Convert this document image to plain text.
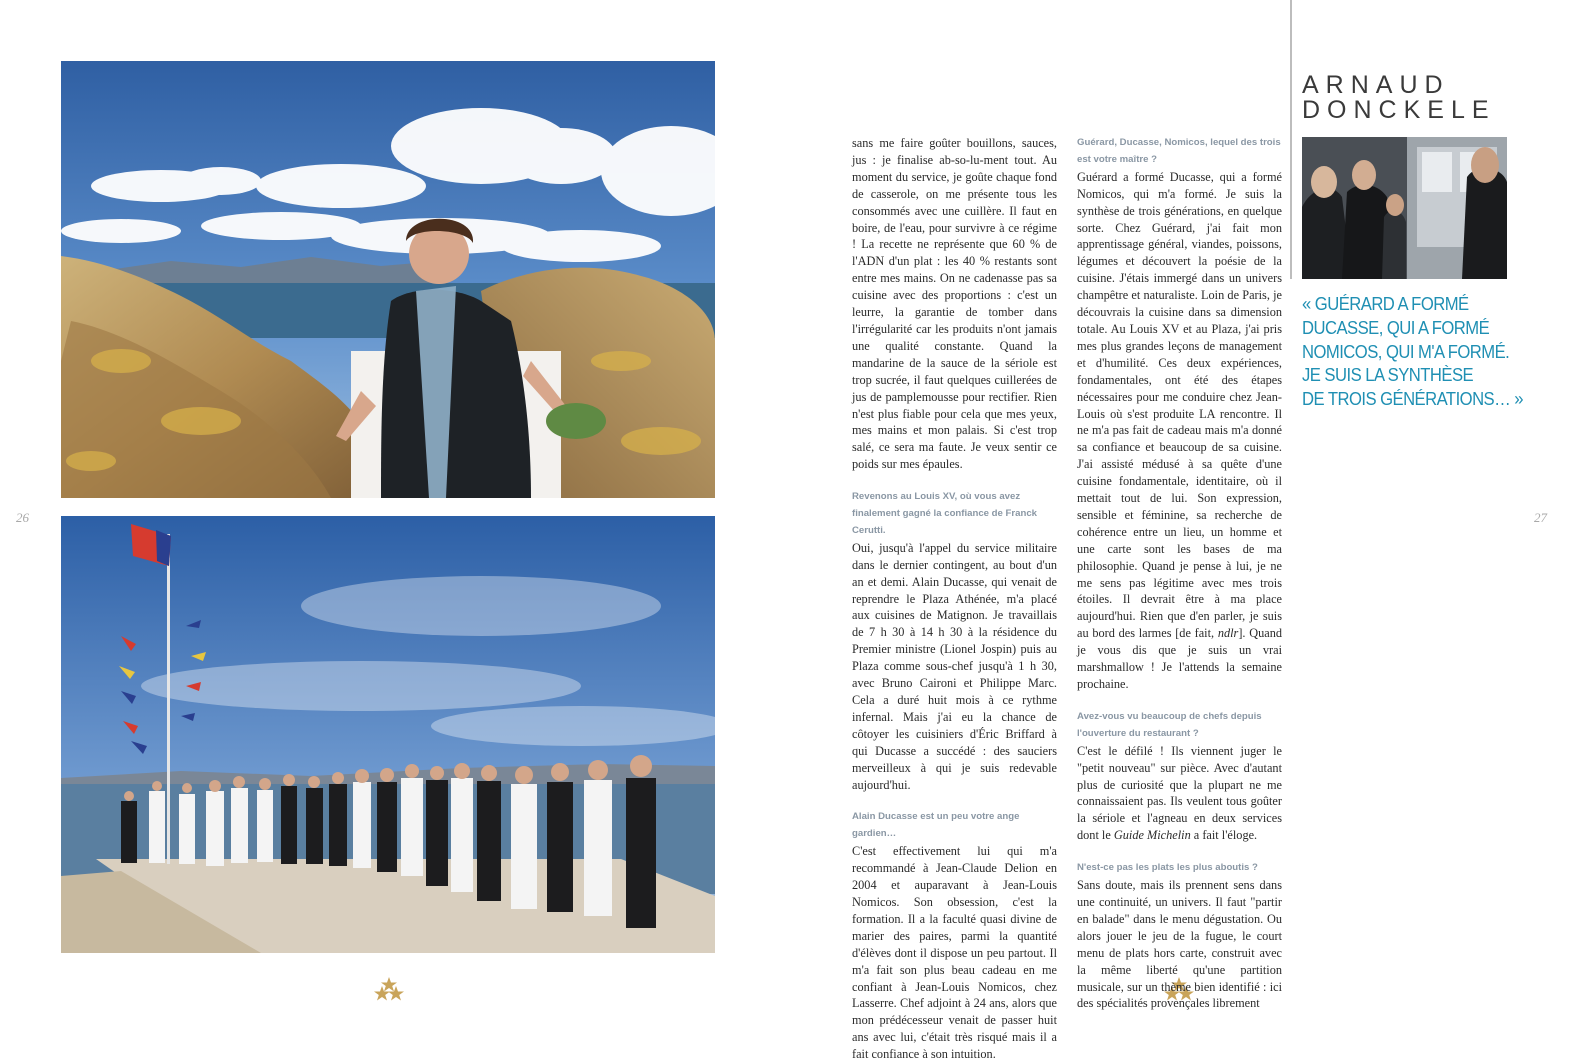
26	27

sans me faire goûter bouillons, sauces, jus : je finalise ab-so-lu-ment tout. Au moment du service, je goûte chaque fond de casserole, on me présente tous les consommés avec une cuillère. Il faut en boire, de l'eau, pour survivre à ce régime ! La recette ne représente que 60 % de l'ADN d'un plat : les 40 % restants sont entre mes mains. On ne cadenasse pas sa cuisine avec des proportions : c'est un leurre, la garantie de tomber dans l'irrégularité car les produits n'ont jamais une qualité constante. Quand la mandarine de la sauce de la sériole est trop sucrée, il faut quelques cuillerées de jus de pamplemousse pour rectifier. Rien n'est plus fiable pour cela que mes yeux, mes mains et mon palais. Si c'est trop salé, ce sera ma faute. Je veux sentir ce poids sur mes épaules.

Revenons au Louis XV, où vous avez finalement gagné la confiance de Franck Cerutti.

Oui, jusqu'à l'appel du service militaire dans le dernier contingent, au bout d'un an et demi. Alain Ducasse, qui venait de reprendre le Plaza Athénée, m'a placé aux cuisines de Matignon. Je travaillais de 7 h 30 à 14 h 30 à la résidence du Premier ministre (Lionel Jospin) puis au Plaza comme sous-chef jusqu'à 1 h 30, avec Bruno Caironi et Philippe Marc. Cela a duré huit mois à ce rythme infernal. Mais j'ai eu la chance de côtoyer les cuisiniers d'Éric Briffard à qui Ducasse a succédé : des sauciers merveilleux à qui je suis redevable aujourd'hui.

Alain Ducasse est un peu votre ange gardien…

C'est effectivement lui qui m'a recommandé à Jean-Claude Delion en 2004 et auparavant à Jean-Louis Nomicos. Son obsession, c'est la formation. Il a la faculté quasi divine de marier des paires, parmi la quantité d'élèves dont il dispose un peu partout. Il m'a fait son plus beau cadeau en me confiant à Jean-Louis Nomicos, chez Lasserre. Chef adjoint à 24 ans, alors que mon prédécesseur venait de passer huit ans avec lui, c'était très risqué mais il a fait confiance à son intuition.

Guérard, Ducasse, Nomicos, lequel des trois est votre maître ?

Guérard a formé Ducasse, qui a formé Nomicos, qui m'a formé. Je suis la synthèse de trois générations, en quelque sorte. Chez Guérard, j'ai fait mon apprentissage général, viandes, poissons, légumes et découvert la poésie de la cuisine. J'étais immergé dans un univers champêtre et naturaliste. Loin de Paris, je découvrais la cuisine dans sa dimension totale. Au Louis XV et au Plaza, j'ai pris mes plus grandes leçons de management et d'humilité. Ces deux expériences, fondamentales, ont été des étapes nécessaires pour me conduire chez Jean-Louis où s'est produite LA rencontre. Il ne m'a pas fait de cadeau mais m'a donné sa confiance et beaucoup de sa cuisine. J'ai assisté médusé à sa quête d'une cuisine fondamentale, identitaire, où il mettait tout de lui. Son expression, sensible et féminine, sa recherche de cohérence entre un lieu, un homme et une carte sont les bases de ma philosophie. Quand je pense à lui, je ne me sens pas légitime avec mes trois étoiles. Il devrait être à ma place aujourd'hui. Rien que d'en parler, je suis au bord des larmes [de fait, ndlr]. Quand je vous dis que je suis un vrai marshmallow ! Je l'attends la semaine prochaine.

Avez-vous vu beaucoup de chefs depuis l'ouverture du restaurant ?

C'est le défilé ! Ils viennent juger le "petit nouveau" sur pièce. Avec d'autant plus de curiosité que la plupart ne me connaissaient pas. Ils veulent tous goûter la sériole et l'agneau en deux services dont le Guide Michelin a fait l'éloge.

N'est-ce pas les plats les plus aboutis ?

Sans doute, mais ils prennent sens dans une continuité, un univers. Il faut "partir en balade" dans le menu dégustation. Ou alors jouer le jeu de la fugue, le court menu de plats hors carte, construit avec la même liberté qu'une partition musicale, sur un thème bien identifié : ici des spécialités provençales librement

ARNAUD
DONCKELE
« GUÉRARD A FORMÉ
DUCASSE, QUI A FORMÉ
NOMICOS, QUI M'A FORMÉ.
JE SUIS LA SYNTHÈSE
DE TROIS GÉNÉRATIONS… »
